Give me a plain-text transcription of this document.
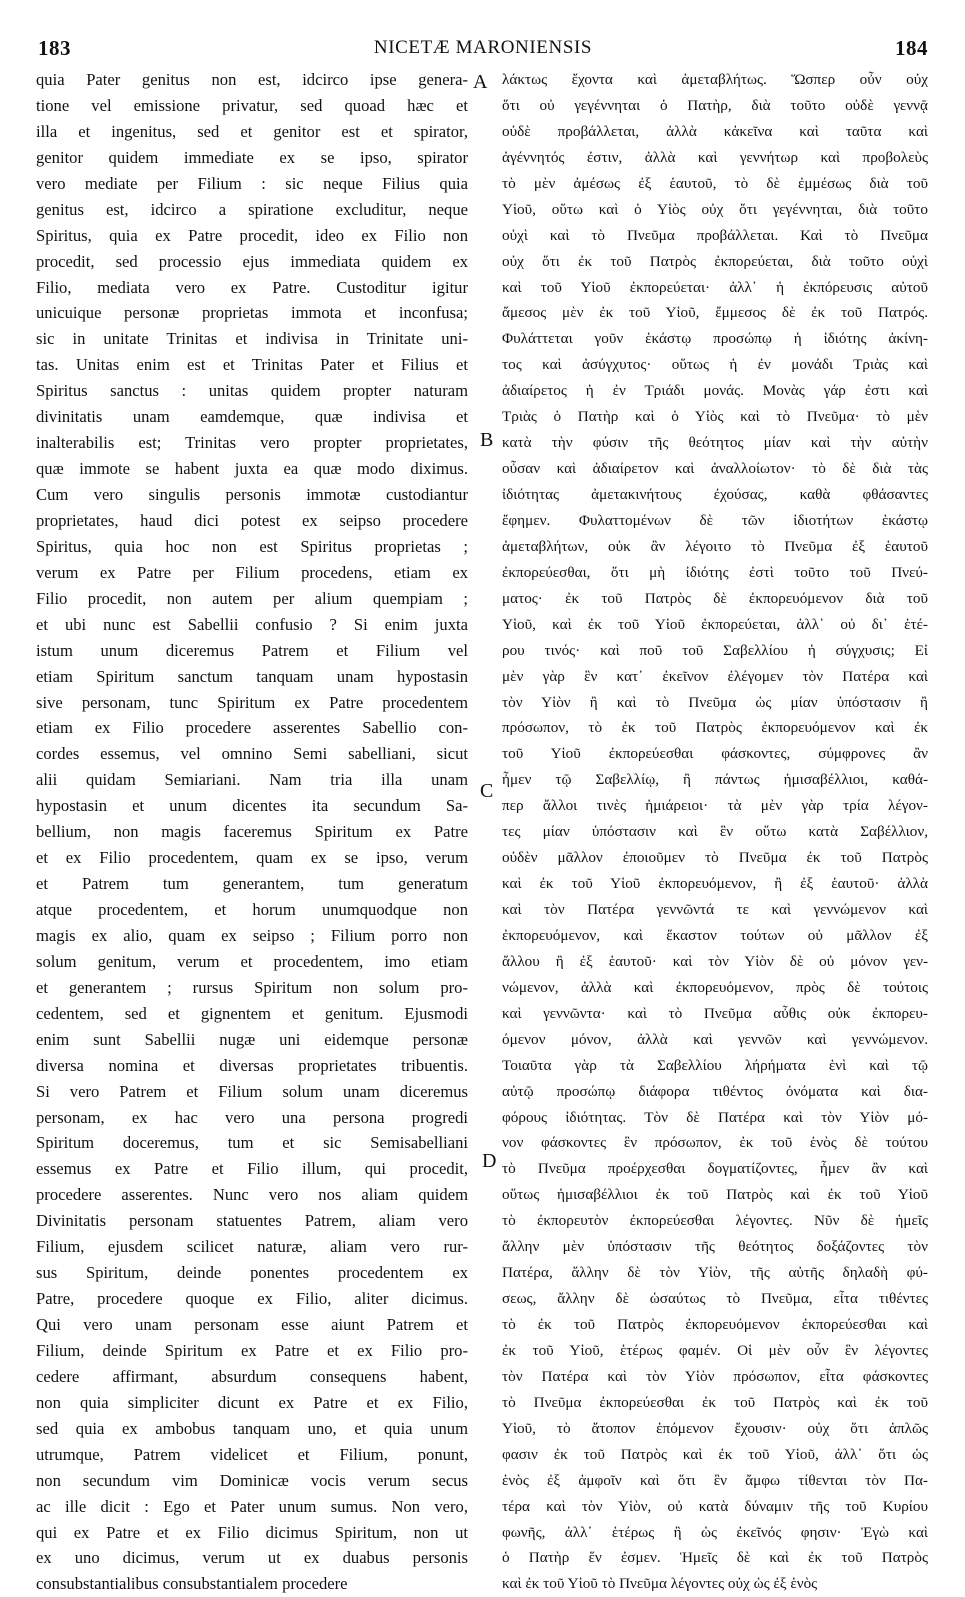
183	NICETÆ MARONIENSIS	184
quia Pater genitus non est, idcirco ipse genera-
tione vel emissione privatur, sed quoad hæc et
illa et ingenitus, sed et genitor est et spirator,
genitor quidem immediate ex se ipso, spirator
vero mediate per Filium : sic neque Filius quia
genitus est, idcirco a spiratione excluditur, neque
Spiritus, quia ex Patre procedit, ideo ex Filio non
procedit, sed processio ejus immediata quidem ex
Filio, mediata vero ex Patre. Custoditur igitur
unicuique personæ proprietas immota et inconfusa;
sic in unitate Trinitas et indivisa in Trinitate uni-
tas. Unitas enim est et Trinitas Pater et Filius et
Spiritus sanctus : unitas quidem propter naturam
divinitatis unam eamdemque, quæ indivisa et
inalterabilis est; Trinitas vero propter proprietates,
quæ immote se habent juxta ea quæ modo diximus.
Cum vero singulis personis immotæ custodiantur
proprietates, haud dici potest ex seipso procedere
Spiritus, quia hoc non est Spiritus proprietas ;
verum ex Patre per Filium procedens, etiam ex
Filio procedit, non autem per alium quempiam ;
et ubi nunc est Sabellii confusio ? Si enim juxta
istum unum diceremus Patrem et Filium vel
etiam Spiritum sanctum tanquam unam hypostasin
sive personam, tunc Spiritum ex Patre procedentem
etiam ex Filio procedere asserentes Sabellio con-
cordes essemus, vel omnino Semi sabelliani, sicut
alii quidam Semiariani. Nam tria illa unam
hypostasin et unum dicentes ita secundum Sa-
bellium, non magis faceremus Spiritum ex Patre
et ex Filio procedentem, quam ex se ipso, verum
et Patrem tum generantem, tum generatum
atque procedentem, et horum unumquodque non
magis ex alio, quam ex seipso ; Filium porro non
solum genitum, verum et procedentem, imo etiam
et generantem ; rursus Spiritum non solum pro-
cedentem, sed et gignentem et genitum. Ejusmodi
enim sunt Sabellii nugæ uni eidemque personæ
diversa nomina et diversas proprietates tribuentis.
Si vero Patrem et Filium solum unam diceremus
personam, ex hac vero una persona progredi
Spiritum doceremus, tum et sic Semisabelliani
essemus ex Patre et Filio illum, qui procedit,
procedere asserentes. Nunc vero nos aliam quidem
Divinitatis personam statuentes Patrem, aliam vero
Filium, ejusdem scilicet naturæ, aliam vero rur-
sus Spiritum, deinde ponentes procedentem ex
Patre, procedere quoque ex Filio, aliter dicimus.
Qui vero unam personam esse aiunt Patrem et
Filium, deinde Spiritum ex Patre et ex Filio pro-
cedere affirmant, absurdum consequens habent,
non quia simpliciter dicunt ex Patre et ex Filio,
sed quia ex ambobus tanquam uno, et quia unum
utrumque, Patrem videlicet et Filium, ponunt,
non secundum vim Dominicæ vocis verum secus
ac ille dicit : Ego et Pater unum sumus. Non vero,
qui ex Patre et ex Filio dicimus Spiritum, non ut
ex uno dicimus, verum ut ex duabus personis
consubstantialibus consubstantialem procedere
A
B
C
D
λάκτως ἔχοντα καὶ ἀμεταβλήτως. Ὥσπερ οὖν οὐχ
ὅτι οὐ γεγέννηται ὁ Πατὴρ, διὰ τοῦτο οὐδὲ γεννᾷ
οὐδὲ προβάλλεται, ἀλλὰ κἀκεῖνα καὶ ταῦτα καὶ
ἀγέννητός ἐστιν, ἀλλὰ καὶ γεννήτωρ καὶ προβολεὺς
τὸ μὲν ἀμέσως ἐξ ἑαυτοῦ, τὸ δὲ ἐμμέσως διὰ τοῦ
Υἱοῦ, οὕτω καὶ ὁ Υἱὸς οὐχ ὅτι γεγέννηται, διὰ τοῦτο
οὐχὶ καὶ τὸ Πνεῦμα προβάλλεται. Καὶ τὸ Πνεῦμα
οὐχ ὅτι ἐκ τοῦ Πατρὸς ἐκπορεύεται, διὰ τοῦτο οὐχὶ
καὶ τοῦ Υἱοῦ ἐκπορεύεται· ἀλλ᾽ ἡ ἐκπόρευσις αὐτοῦ
ἄμεσος μὲν ἐκ τοῦ Υἱοῦ, ἔμμεσος δὲ ἐκ τοῦ Πατρός.
Φυλάττεται γοῦν ἑκάστῳ προσώπῳ ἡ ἰδιότης ἀκίνη-
τος καὶ ἀσύγχυτος· οὕτως ἡ ἐν μονάδι Τριὰς καὶ
ἀδιαίρετος ἡ ἐν Τριάδι μονάς. Μονὰς γάρ ἐστι καὶ
Τριὰς ὁ Πατὴρ καὶ ὁ Υἱὸς καὶ τὸ Πνεῦμα· τὸ μὲν
κατὰ τὴν φύσιν τῆς θεότητος μίαν καὶ τὴν αὐτὴν
οὖσαν καὶ ἀδιαίρετον καὶ ἀναλλοίωτον· τὸ δὲ διὰ τὰς
ἰδιότητας ἀμετακινήτους ἐχούσας, καθὰ φθάσαντες
ἔφημεν. Φυλαττομένων δὲ τῶν ἰδιοτήτων ἑκάστῳ
ἀμεταβλήτων, οὐκ ἂν λέγοιτο τὸ Πνεῦμα ἐξ ἑαυτοῦ
ἐκπορεύεσθαι, ὅτι μὴ ἰδιότης ἐστὶ τοῦτο τοῦ Πνεύ-
ματος· ἐκ τοῦ Πατρὸς δὲ ἐκπορευόμενον διὰ τοῦ
Υἱοῦ, καὶ ἐκ τοῦ Υἱοῦ ἐκπορεύεται, ἀλλ᾽ οὐ δι᾽ ἑτέ-
ρου τινός· καὶ ποῦ τοῦ Σαβελλίου ἡ σύγχυσις; Εἰ
μὲν γὰρ ἓν κατ᾽ ἐκεῖνον ἐλέγομεν τὸν Πατέρα καὶ
τὸν Υἱὸν ἢ καὶ τὸ Πνεῦμα ὡς μίαν ὑπόστασιν ἢ
πρόσωπον, τὸ ἐκ τοῦ Πατρὸς ἐκπορευόμενον καὶ ἐκ
τοῦ Υἱοῦ ἐκπορεύεσθαι φάσκοντες, σύμφρονες ἂν
ἦμεν τῷ Σαβελλίῳ, ἢ πάντως ἡμισαβέλλιοι, καθά-
περ ἄλλοι τινὲς ἡμιάρειοι· τὰ μὲν γὰρ τρία λέγον-
τες μίαν ὑπόστασιν καὶ ἓν οὕτω κατὰ Σαβέλλιον,
οὐδὲν μᾶλλον ἐποιοῦμεν τὸ Πνεῦμα ἐκ τοῦ Πατρὸς
καὶ ἐκ τοῦ Υἱοῦ ἐκπορευόμενον, ἢ ἐξ ἑαυτοῦ· ἀλλὰ
καὶ τὸν Πατέρα γεννῶντά τε καὶ γεννώμενον καὶ
ἐκπορευόμενον, καὶ ἕκαστον τούτων οὐ μᾶλλον ἐξ
ἄλλου ἢ ἐξ ἑαυτοῦ· καὶ τὸν Υἱὸν δὲ οὐ μόνον γεν-
νώμενον, ἀλλὰ καὶ ἐκπορευόμενον, πρὸς δὲ τούτοις
καὶ γεννῶντα· καὶ τὸ Πνεῦμα αὖθις οὐκ ἐκπορευ-
όμενον μόνον, ἀλλὰ καὶ γεννῶν καὶ γεννώμενον.
Τοιαῦτα γὰρ τὰ Σαβελλίου λήρήματα ἑνὶ καὶ τῷ
αὐτῷ προσώπῳ διάφορα τιθέντος ὀνόματα καὶ δια-
φόρους ἰδιότητας. Τὸν δὲ Πατέρα καὶ τὸν Υἱὸν μό-
νον φάσκοντες ἓν πρόσωπον, ἐκ τοῦ ἑνὸς δὲ τούτου
τὸ Πνεῦμα προέρχεσθαι δογματίζοντες, ἦμεν ἂν καὶ
οὕτως ἡμισαβέλλιοι ἐκ τοῦ Πατρὸς καὶ ἐκ τοῦ Υἱοῦ
τὸ ἐκπορευτὸν ἐκπορεύεσθαι λέγοντες. Νῦν δὲ ἡμεῖς
ἄλλην μὲν ὑπόστασιν τῆς θεότητος δοξάζοντες τὸν
Πατέρα, ἄλλην δὲ τὸν Υἱὸν, τῆς αὐτῆς δηλαδὴ φύ-
σεως, ἄλλην δὲ ὡσαύτως τὸ Πνεῦμα, εἶτα τιθέντες
τὸ ἐκ τοῦ Πατρὸς ἐκπορευόμενον ἐκπορεύεσθαι καὶ
ἐκ τοῦ Υἱοῦ, ἑτέρως φαμέν. Οἱ μὲν οὖν ἓν λέγοντες
τὸν Πατέρα καὶ τὸν Υἱὸν πρόσωπον, εἶτα φάσκοντες
τὸ Πνεῦμα ἐκπορεύεσθαι ἐκ τοῦ Πατρὸς καὶ ἐκ τοῦ
Υἱοῦ, τὸ ἄτοπον ἑπόμενον ἔχουσιν· οὐχ ὅτι ἁπλῶς
φασιν ἐκ τοῦ Πατρὸς καὶ ἐκ τοῦ Υἱοῦ, ἀλλ᾽ ὅτι ὡς
ἑνὸς ἐξ ἀμφοῖν καὶ ὅτι ἓν ἄμφω τίθενται τὸν Πα-
τέρα καὶ τὸν Υἱὸν, οὐ κατὰ δύναμιν τῆς τοῦ Κυρίου
φωνῆς, ἀλλ᾽ ἑτέρως ἢ ὡς ἐκεῖνός φησιν· Ἐγὼ καὶ
ὁ Πατὴρ ἕν ἐσμεν. Ἡμεῖς δὲ καὶ ἐκ τοῦ Πατρὸς
καὶ ἐκ τοῦ Υἱοῦ τὸ Πνεῦμα λέγοντες οὐχ ὡς ἐξ ἑνὸς
